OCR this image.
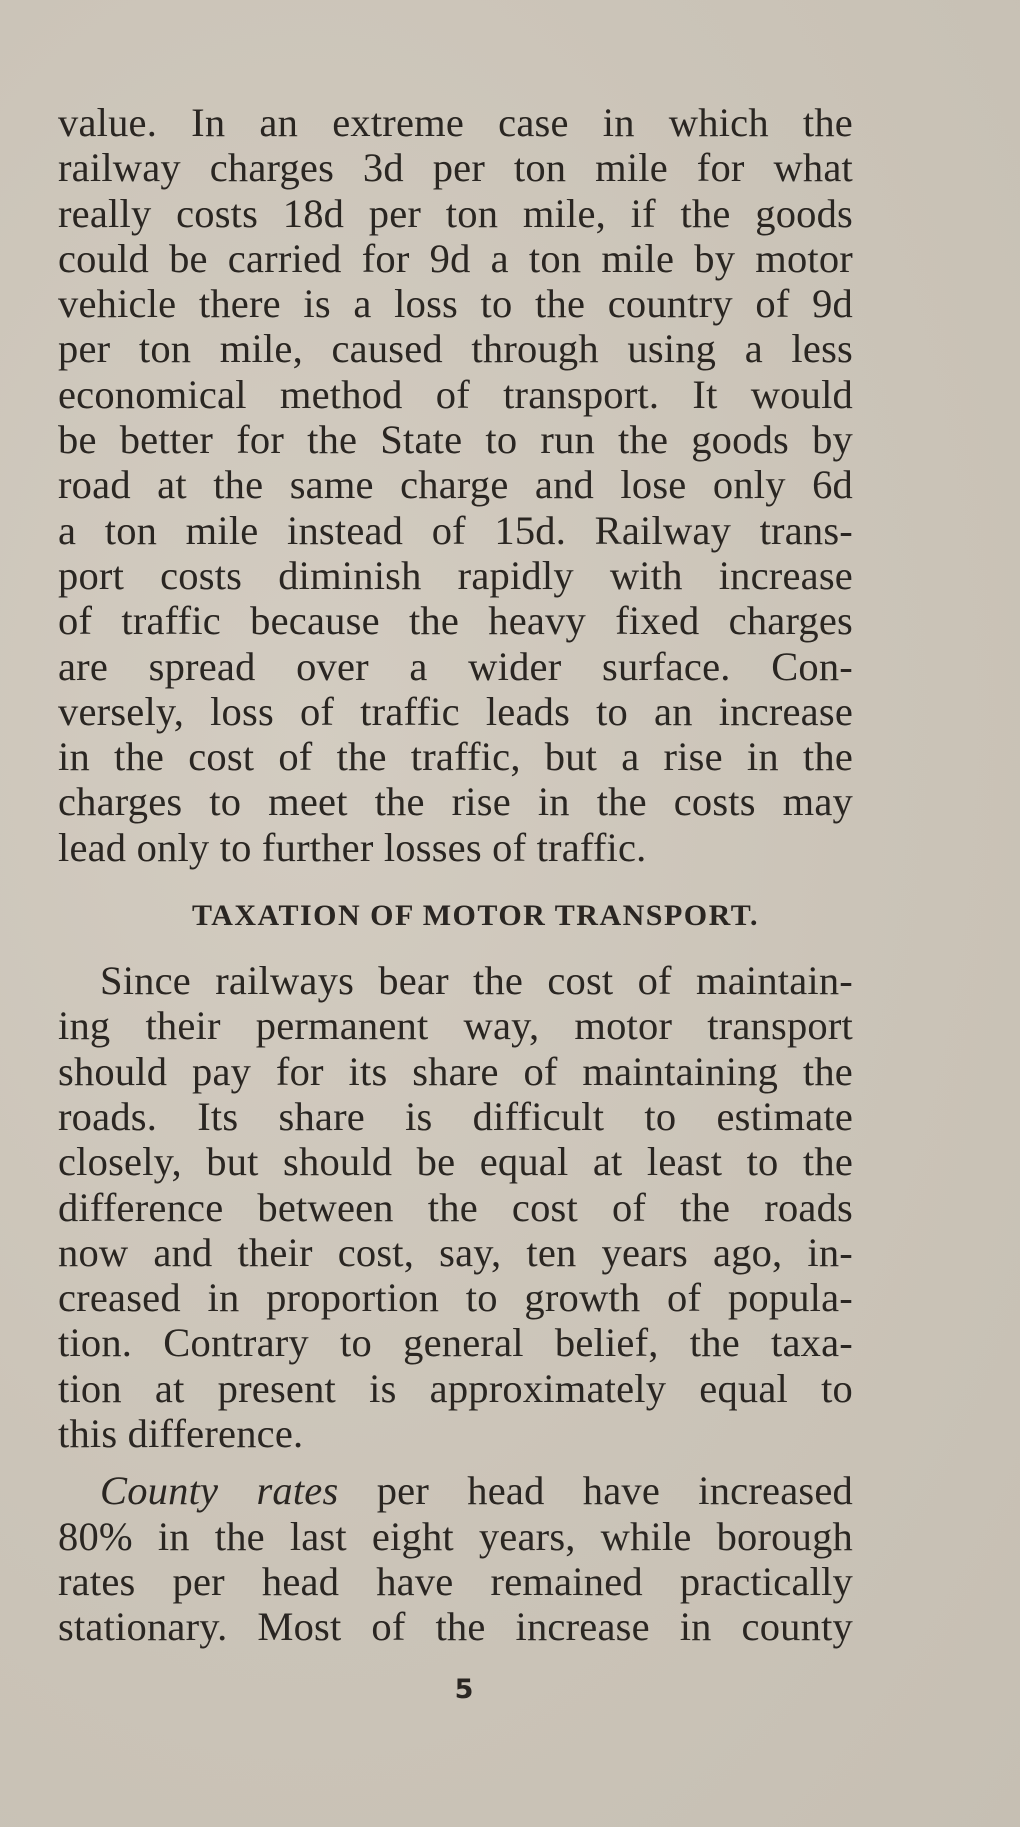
value. In an extreme case in which the
railway charges 3d per ton mile for what
really costs 18d per ton mile, if the goods
could be carried for 9d a ton mile by motor
vehicle there is a loss to the country of 9d
per ton mile, caused through using a less
economical method of transport. It would
be better for the State to run the goods by
road at the same charge and lose only 6d
a ton mile instead of 15d. Railway trans-
port costs diminish rapidly with increase
of traffic because the heavy fixed charges
are spread over a wider surface. Con-
versely, loss of traffic leads to an increase
in the cost of the traffic, but a rise in the
charges to meet the rise in the costs may
lead only to further losses of traffic.

TAXATION OF MOTOR TRANSPORT.

Since railways bear the cost of maintain-
ing their permanent way, motor transport
should pay for its share of maintaining the
roads. Its share is difficult to estimate
closely, but should be equal at least to the
difference between the cost of the roads
now and their cost, say, ten years ago, in-
creased in proportion to growth of popula-
tion. Contrary to general belief, the taxa-
tion at present is approximately equal to
this difference.

County rates per head have increased
80% in the last eight years, while borough
rates per head have remained practically
stationary. Most of the increase in county

5
